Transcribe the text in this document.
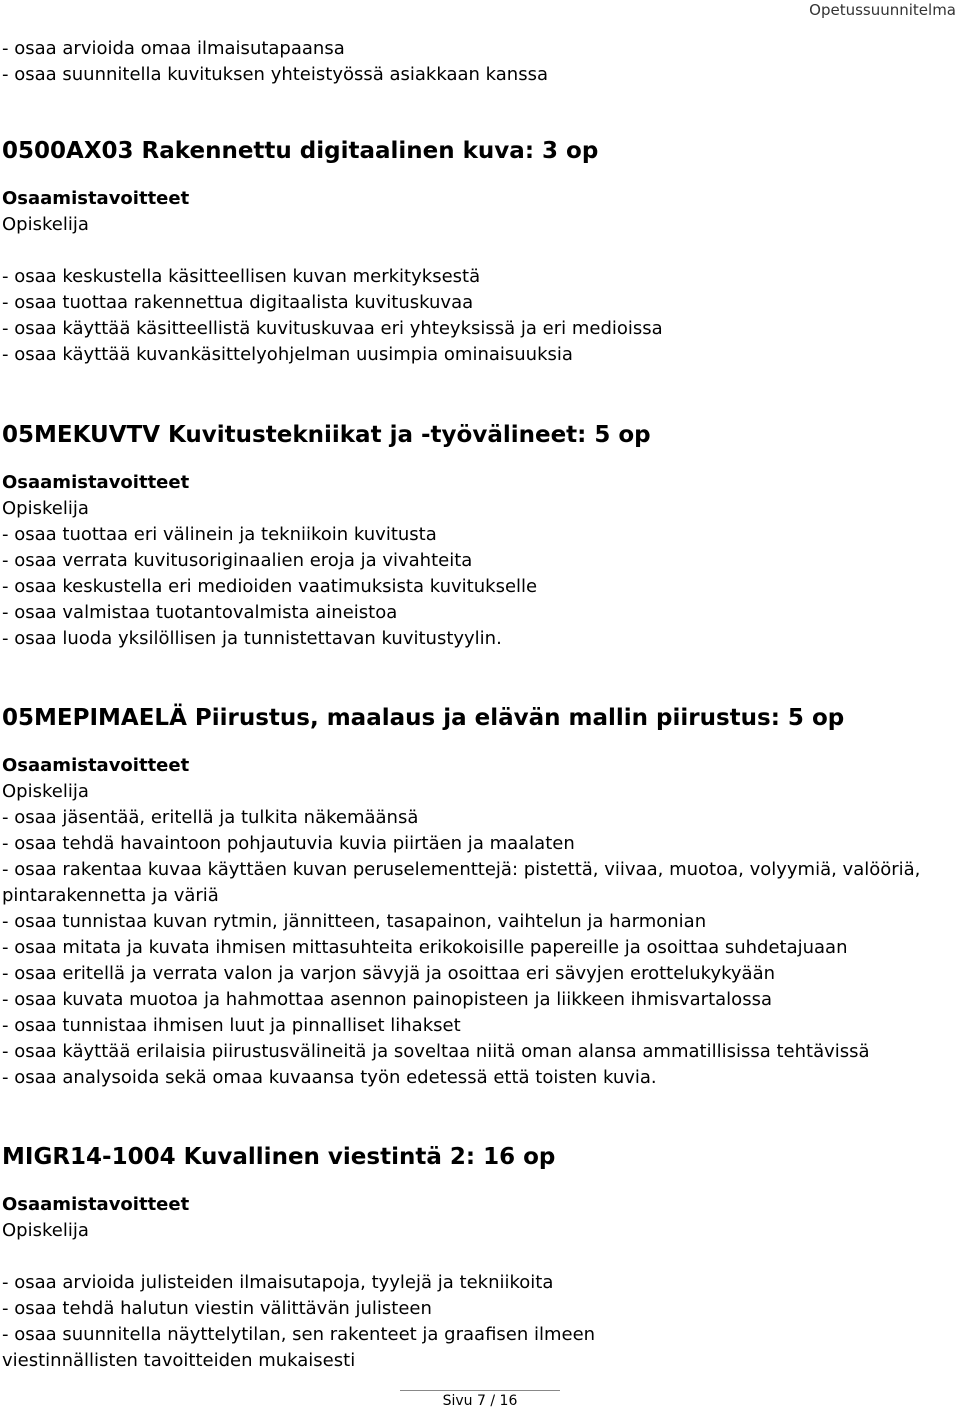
Opetussuunnitelma
- osaa arvioida omaa ilmaisutapaansa
- osaa suunnitella kuvituksen yhteistyössä asiakkaan kanssa
0500AX03 Rakennettu digitaalinen kuva: 3 op
Osaamistavoitteet
Opiskelija
- osaa keskustella käsitteellisen kuvan merkityksestä
- osaa tuottaa rakennettua digitaalista kuvituskuvaa
- osaa käyttää käsitteellistä kuvituskuvaa eri yhteyksissä ja eri medioissa
- osaa käyttää kuvankäsittelyohjelman uusimpia ominaisuuksia
05MEKUVTV Kuvitustekniikat ja -työvälineet: 5 op
Osaamistavoitteet
Opiskelija
- osaa tuottaa eri välinein ja tekniikoin kuvitusta
- osaa verrata kuvitusoriginaalien eroja ja vivahteita
- osaa keskustella eri medioiden vaatimuksista kuvitukselle
- osaa valmistaa tuotantovalmista aineistoa
- osaa luoda yksilöllisen ja tunnistettavan kuvitustyylin.
05MEPIMAELÄ Piirustus, maalaus ja elävän mallin piirustus: 5 op
Osaamistavoitteet
Opiskelija
- osaa jäsentää, eritellä ja tulkita näkemäänsä
- osaa tehdä havaintoon pohjautuvia kuvia piirtäen ja maalaten
- osaa rakentaa kuvaa käyttäen kuvan peruselementtejä: pistettä, viivaa, muotoa, volyymiä, valööriä, pintarakennetta ja väriä
- osaa tunnistaa kuvan rytmin, jännitteen, tasapainon, vaihtelun ja harmonian
- osaa mitata ja kuvata ihmisen mittasuhteita erikokoisille papereille ja osoittaa suhdetajuaan
- osaa eritellä ja verrata valon ja varjon sävyjä ja osoittaa eri sävyjen erottelukykyään
- osaa kuvata muotoa ja hahmottaa asennon painopisteen ja liikkeen ihmisvartalossa
- osaa tunnistaa ihmisen luut ja pinnalliset lihakset
- osaa käyttää erilaisia piirustusvälineitä ja soveltaa niitä oman alansa ammatillisissa tehtävissä
- osaa analysoida sekä omaa kuvaansa työn edetessä että toisten kuvia.
MIGR14-1004 Kuvallinen viestintä 2: 16 op
Osaamistavoitteet
Opiskelija
- osaa arvioida julisteiden ilmaisutapoja, tyylejä ja tekniikoita
- osaa tehdä halutun viestin välittävän julisteen
- osaa suunnitella näyttelytilan, sen rakenteet ja graafisen ilmeen
viestinnällisten tavoitteiden mukaisesti
Sivu 7 / 16
